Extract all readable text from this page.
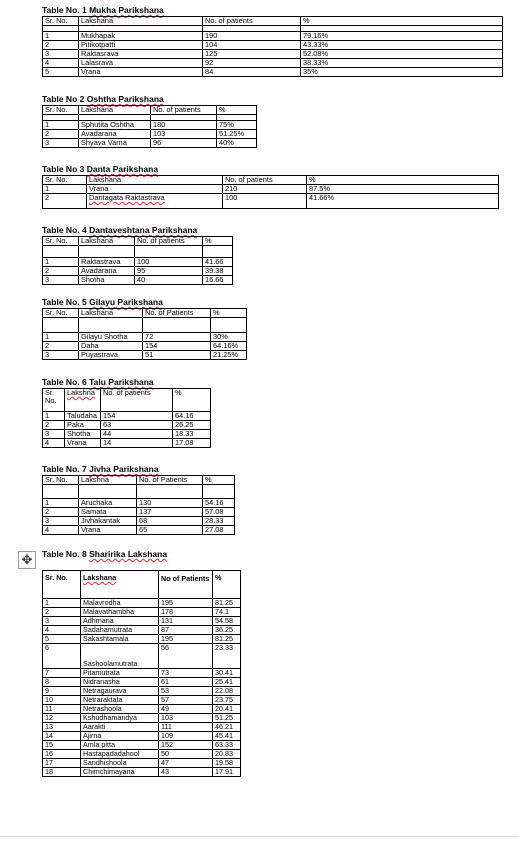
Table No. 1 Mukha Parikshana
Sr. No.	Lakshana	No. of patients	%

1	Mukhapak	190	79.16%
2	Pitikotpatti	104	43.33%
3	Raktasrava	125	52.08%
4	Lalasrava	92	38.33%
5	Vrana	84	35%
Table No 2 Oshtha Parikshana
Sr. No.	Lakshana	No. of patients	%

1	Sphutita Oshtha	180	75%
2	Avadarana	103	51.25%
3	Shyava Varna	96	40%
Table No 3 Danta Parikshana
Sr. No.	Lakshana	No. of patients	%
1	Vrana	210	87.5%
2	Dantagata Raktastrava	100	41.66%
Table No. 4 Dantaveshtana Parikshana
Sr. No.	Lakshana	No. of patients	%

1	Raktastrava	100	41.66
2	Avadarana	95	39.38
3	Shotha	40	16.66
Table No. 5 Gilayu Parikshana
Sr. No.	Lakshana	No. of Patients	%

1	Gilayu Shotha	72	30%
2	Daha	154	64.16%
3	Puyastrava	51	21.25%
Table No. 6 Talu Parikshana
Sr. No.	Lakshna	No. of patients	%
1	Taludaha	154	64.16
2	Paka	63	26.25
3	Shotha	44	18.33
4	Vrana	14	17.08
Table No. 7 Jivha Parikshana
Sr. No.	Lakshna	No. of Patients	%

1	Aruchaka	130	54.16
2	Samata	137	57.08
3	Jivhakantak	68	28.33
4	Vrana	65	27.08
✥	Table No. 8 Sharirika Lakshana
Sr. No.	Lakshana	No of Patients	%
1	Malavrodha	195	81.25
2	Malavathambha	178	74.1
3	Adhmana	131	54.58
4	Sadahamutrata	87	36.25
5	Sakashtamala	195	81.25
6	Sashoolamutrata	56	23.33
7	Pitamutrata	73	30.41
8	Nidranasha	61	25.41
9	Netragaurava	53	22.08
10	Netraraktata	57	23.75
11	Netrashoola	49	20.41
12	Kshudhamandya	103	51.25
13	Aarakti	111	46.21
14	Ajirna	109	45.41
15	Amla pitta	152	63.33
16	Hastapadadahool	50	20.83
17	Sandhishoola	47	19.58
18	Chimchimayana	43	17.91
